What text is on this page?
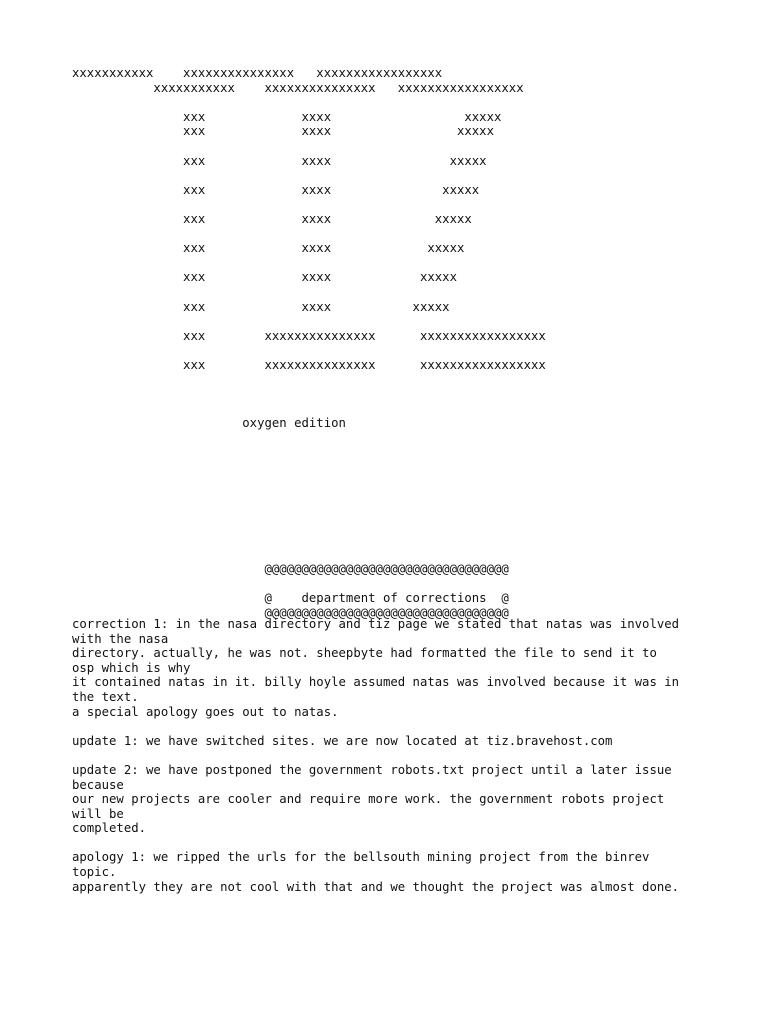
xxxxxxxxxxx    xxxxxxxxxxxxxxx   xxxxxxxxxxxxxxxxx
xxxxxxxxxxx    xxxxxxxxxxxxxxx   xxxxxxxxxxxxxxxxx
xxx             xxxx                  xxxxx
xxx             xxxx                 xxxxx
xxx             xxxx                xxxxx
xxx             xxxx               xxxxx
xxx             xxxx              xxxxx
xxx             xxxx             xxxxx
xxx             xxxx            xxxxx
xxx             xxxx           xxxxx
xxx        xxxxxxxxxxxxxxx      xxxxxxxxxxxxxxxxx
xxx        xxxxxxxxxxxxxxx      xxxxxxxxxxxxxxxxx
oxygen edition
@@@@@@@@@@@@@@@@@@@@@@@@@@@@@@@@@
@    department of corrections  @
@@@@@@@@@@@@@@@@@@@@@@@@@@@@@@@@@
correction 1: in the nasa directory and tiz page we stated that natas was involved
with the nasa
directory. actually, he was not. sheepbyte had formatted the file to send it to
osp which is why
it contained natas in it. billy hoyle assumed natas was involved because it was in
the text.
a special apology goes out to natas.
update 1: we have switched sites. we are now located at tiz.bravehost.com
update 2: we have postponed the government robots.txt project until a later issue
because
our new projects are cooler and require more work. the government robots project
will be
completed.
apology 1: we ripped the urls for the bellsouth mining project from the binrev
topic.
apparently they are not cool with that and we thought the project was almost done.
